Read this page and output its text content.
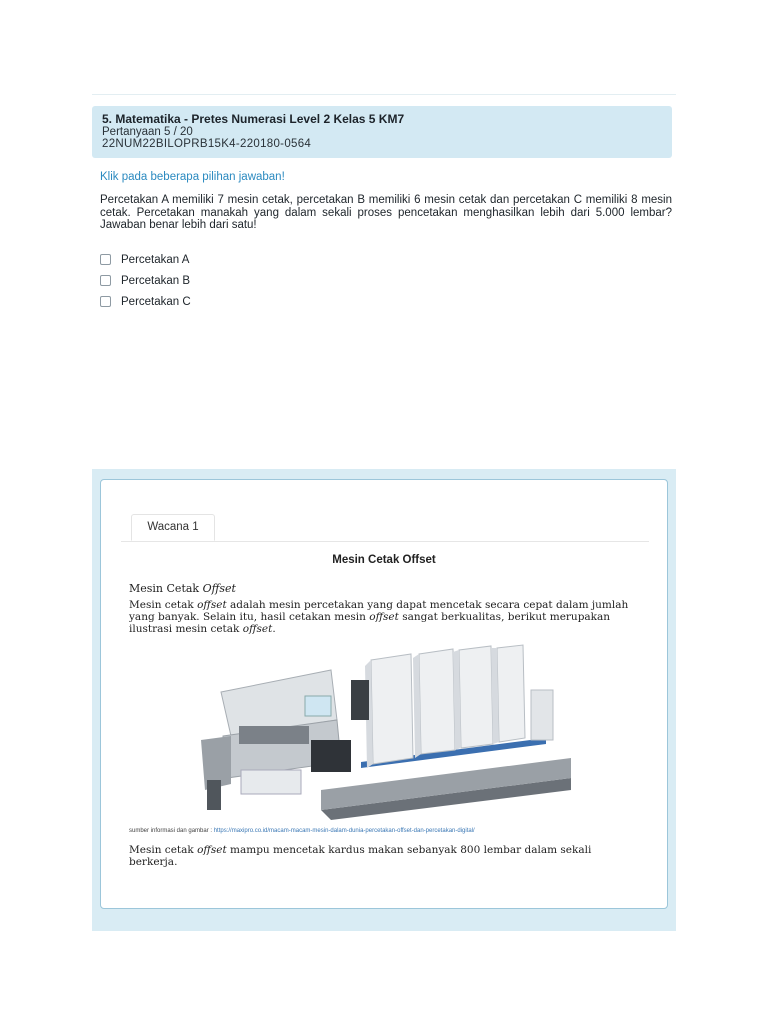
5. Matematika - Pretes Numerasi Level 2 Kelas 5 KM7
Pertanyaan 5 / 20
22NUM22BILOPRB15K4-220180-0564
Klik pada beberapa pilihan jawaban!
Percetakan A memiliki 7 mesin cetak, percetakan B memiliki 6 mesin cetak dan percetakan C memiliki 8 mesin cetak. Percetakan manakah yang dalam sekali proses pencetakan menghasilkan lebih dari 5.000 lembar? Jawaban benar lebih dari satu!
Percetakan A
Percetakan B
Percetakan C
Wacana 1
Mesin Cetak Offset
Mesin Cetak Offset
Mesin cetak offset adalah mesin percetakan yang dapat mencetak secara cepat dalam jumlah yang banyak. Selain itu, hasil cetakan mesin offset sangat berkualitas, berikut merupakan ilustrasi mesin cetak offset.
sumber informasi dan gambar : https://maxipro.co.id/macam-macam-mesin-dalam-dunia-percetakan-offset-dan-percetakan-digital/
Mesin cetak offset mampu mencetak kardus makan sebanyak 800 lembar dalam sekali berkerja.
